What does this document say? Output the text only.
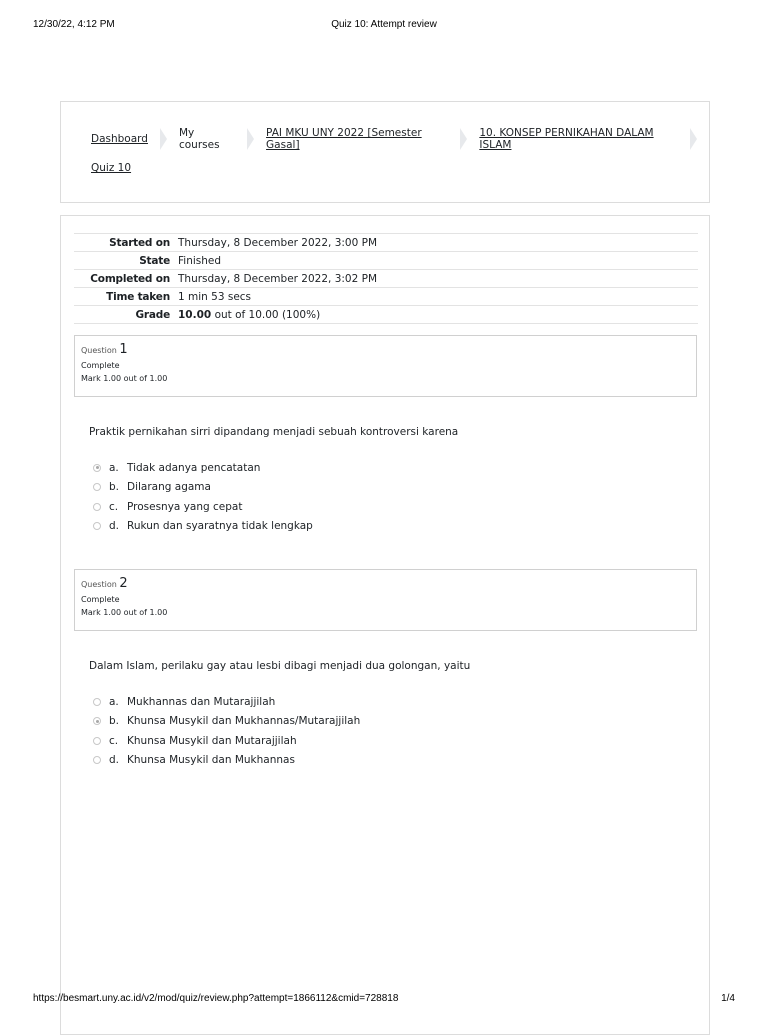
12/30/22, 4:12 PM	Quiz 10: Attempt review
Dashboard	My courses
PAI MKU UNY 2022 [Semester Gasal]
10. KONSEP PERNIKAHAN DALAM ISLAM
Quiz 10
Started on	Thursday, 8 December 2022, 3:00 PM
State	Finished
Completed on	Thursday, 8 December 2022, 3:02 PM
Time taken	1 min 53 secs
Grade	10.00 out of 10.00 (100%)
Question 1
Complete
Mark 1.00 out of 1.00
Praktik pernikahan sirri dipandang menjadi sebuah kontroversi karena
a. Tidak adanya pencatatan
b. Dilarang agama
c. Prosesnya yang cepat
d. Rukun dan syaratnya tidak lengkap
Question 2
Complete
Mark 1.00 out of 1.00
Dalam Islam, perilaku gay atau lesbi dibagi menjadi dua golongan, yaitu
a. Mukhannas dan Mutarajjilah
b. Khunsa Musykil dan Mukhannas/Mutarajjilah
c. Khunsa Musykil dan Mutarajjilah
d. Khunsa Musykil dan Mukhannas
https://besmart.uny.ac.id/v2/mod/quiz/review.php?attempt=1866112&cmid=728818	1/4
